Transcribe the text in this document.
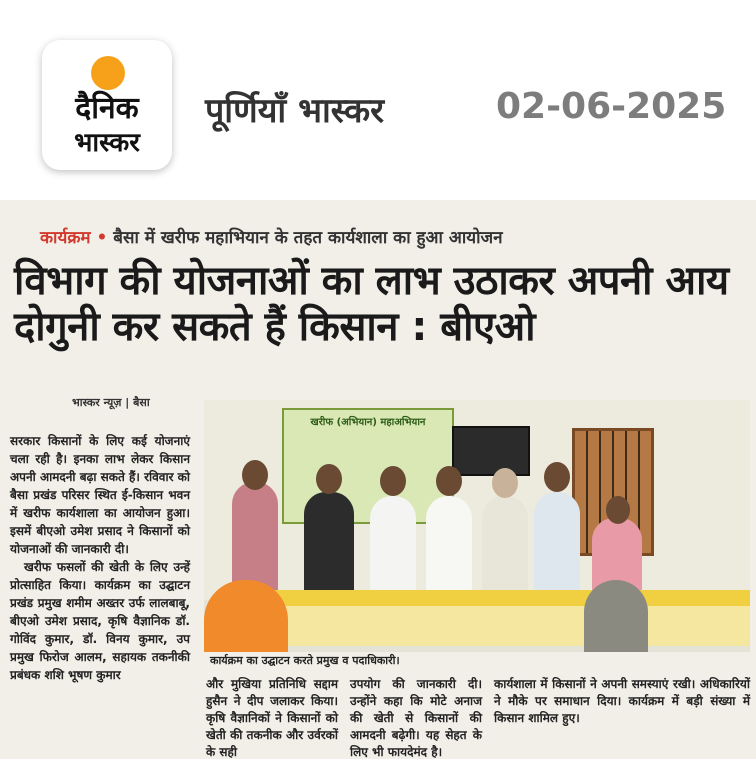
दैनिक
भास्कर
पूर्णियाँ भास्कर	02-06-2025
कार्यक्रम • बैसा में खरीफ महाभियान के तहत कार्यशाला का हुआ आयोजन
विभाग की योजनाओं का लाभ उठाकर अपनी आय दोगुनी कर सकते हैं किसान : बीएओ
भास्कर न्यूज़ | बैसा

सरकार किसानों के लिए कई योजनाएं चला रही है। इनका लाभ लेकर किसान अपनी आमदनी बढ़ा सकते हैं। रविवार को बैसा प्रखंड परिसर स्थित ई-किसान भवन में खरीफ कार्यशाला का आयोजन हुआ। इसमें बीएओ उमेश प्रसाद ने किसानों को योजनाओं की जानकारी दी।

खरीफ फसलों की खेती के लिए उन्हें प्रोत्साहित किया। कार्यक्रम का उद्घाटन प्रखंड प्रमुख शमीम अख्तर उर्फ लालबाबू, बीएओ उमेश प्रसाद, कृषि वैज्ञानिक डॉ. गोविंद कुमार, डॉ. विनय कुमार, उप प्रमुख फिरोज आलम, सहायक तकनीकी प्रबंधक शशि भूषण कुमार

खरीफ (अभियान) महाअभियान
कार्यक्रम का उद्घाटन करते प्रमुख व पदाधिकारी।
और मुखिया प्रतिनिधि सद्दाम हुसैन ने दीप जलाकर किया। कृषि वैज्ञानिकों ने किसानों को खेती की तकनीक और उर्वरकों के सही
उपयोग की जानकारी दी। उन्होंने कहा कि मोटे अनाज की खेती से किसानों की आमदनी बढ़ेगी। यह सेहत के लिए भी फायदेमंद है।
कार्यशाला में किसानों ने अपनी समस्याएं रखी। अधिकारियों ने मौके पर समाधान दिया। कार्यक्रम में बड़ी संख्या में किसान शामिल हुए।
